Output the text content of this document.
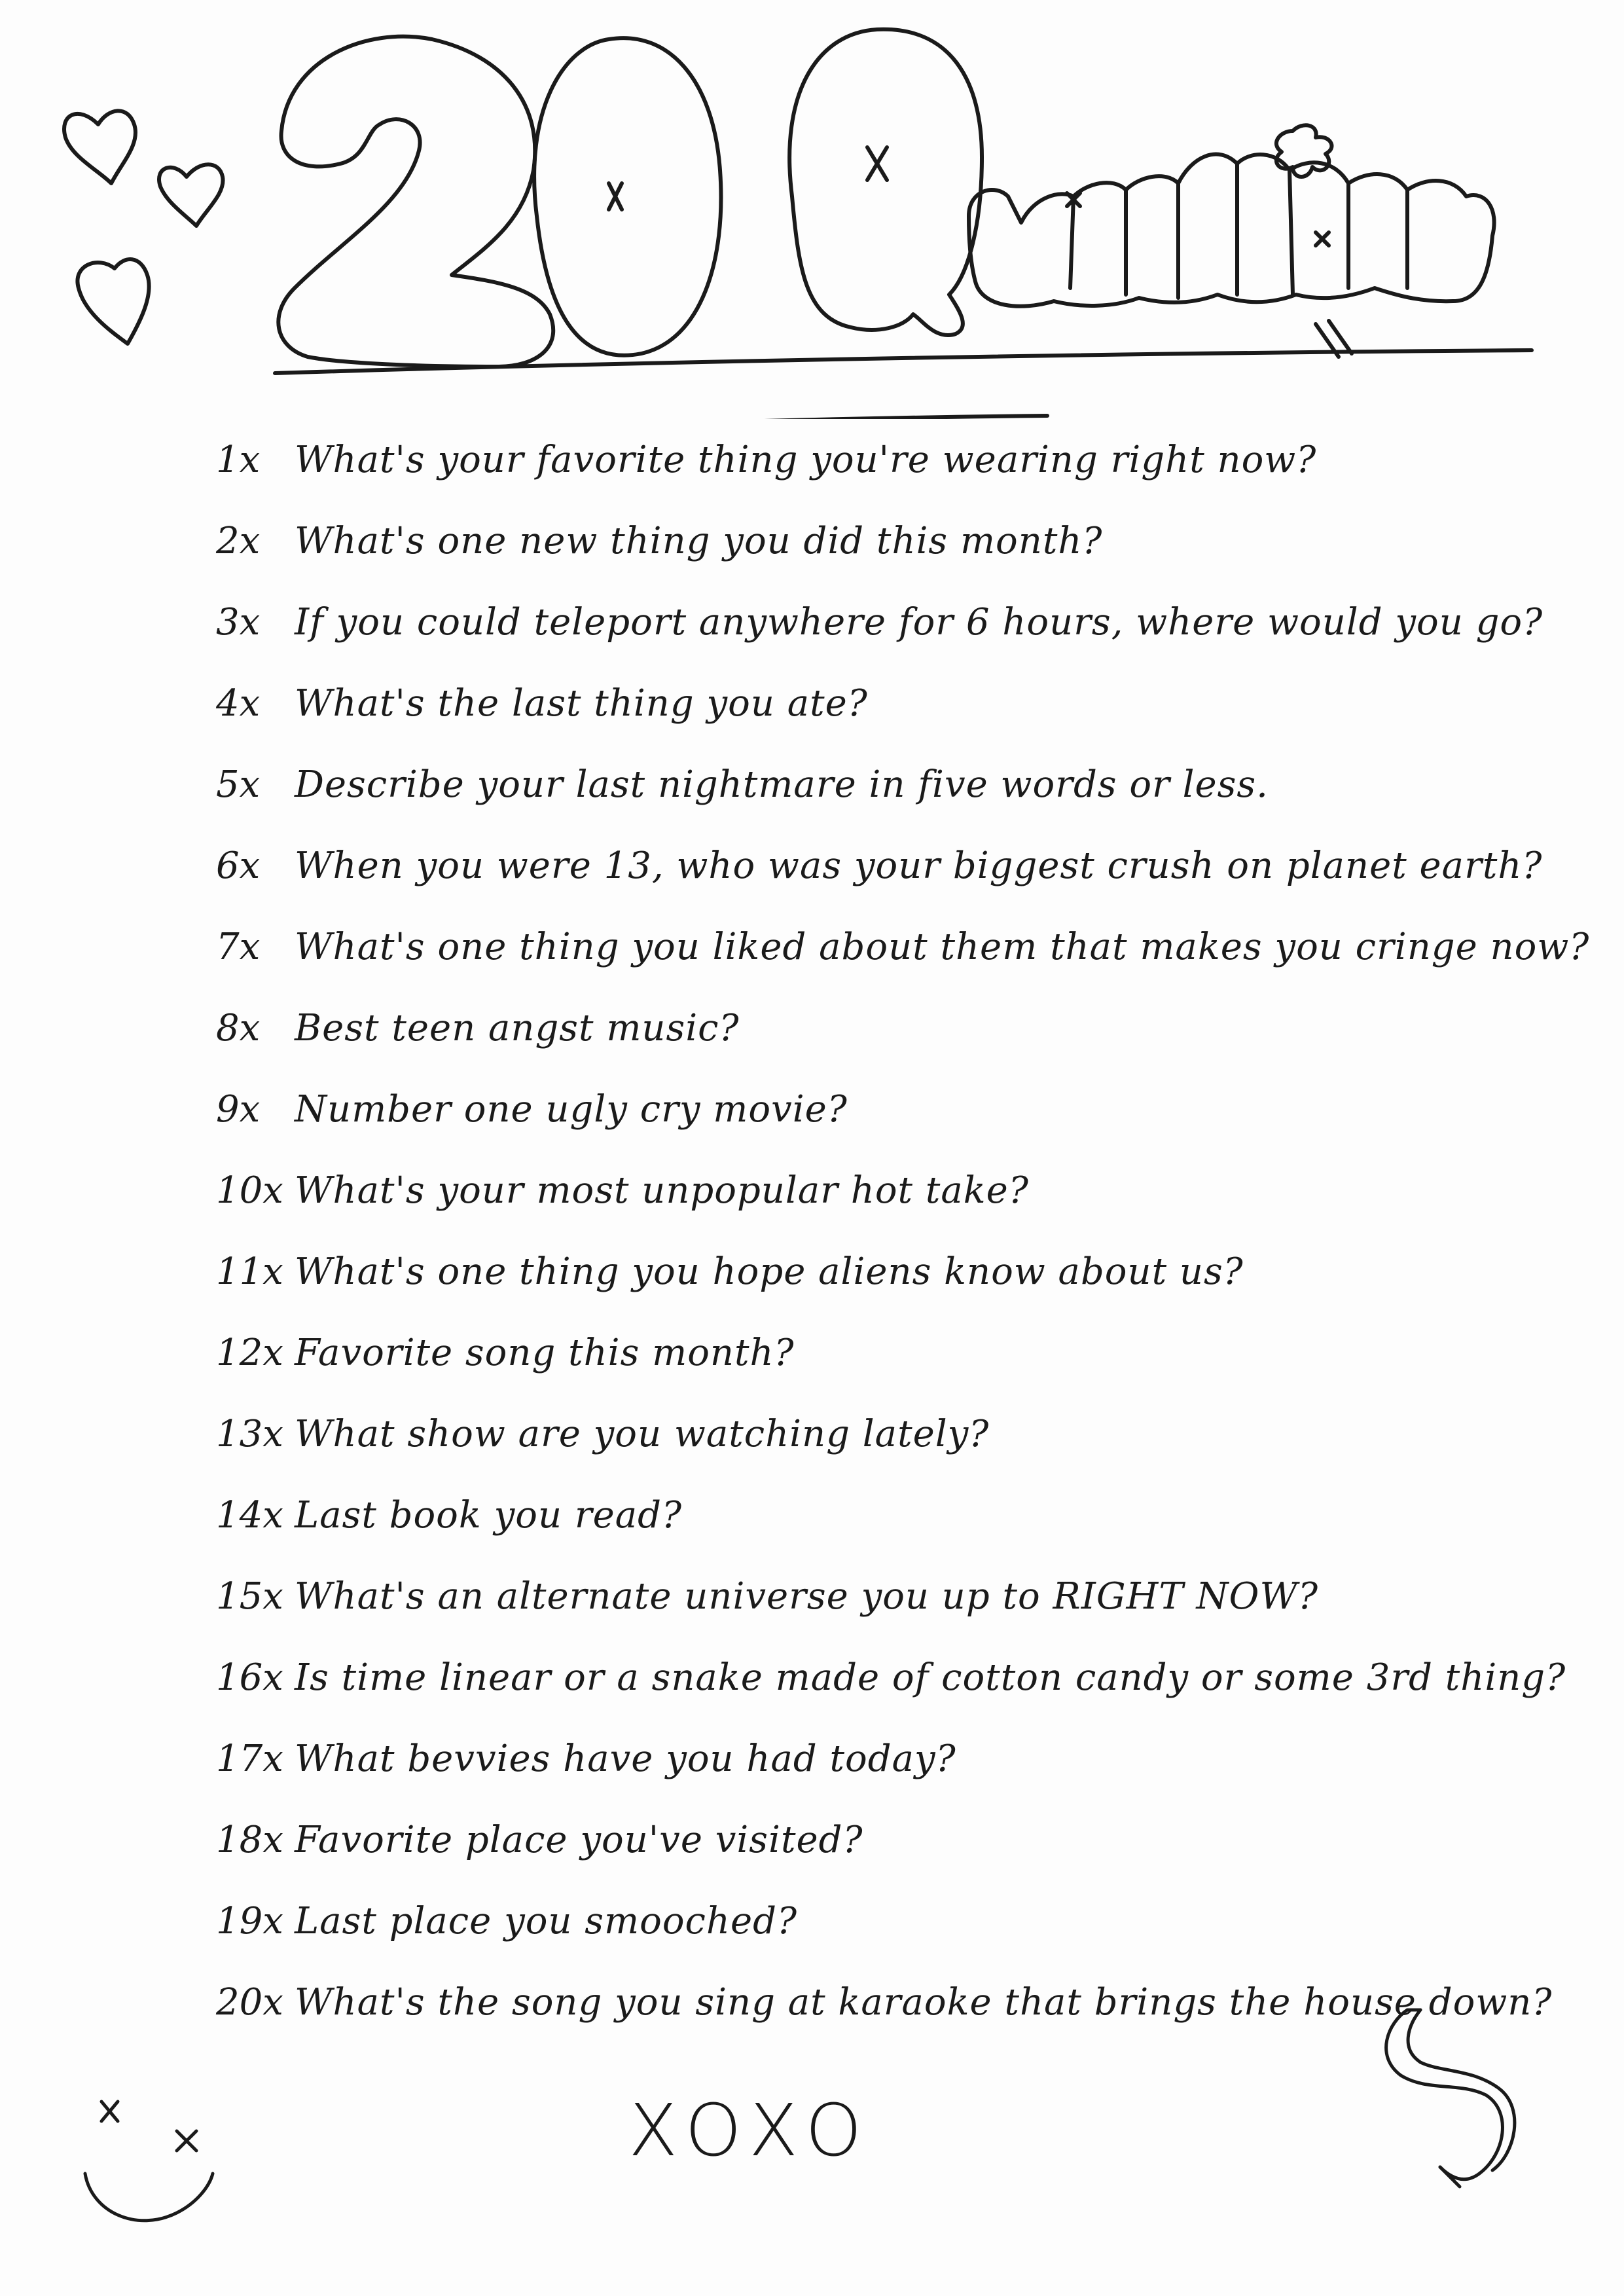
1x What's your favorite thing you're wearing right now?
2x What's one new thing you did this month?
3x If you could teleport anywhere for 6 hours, where would you go?
4x What's the last thing you ate?
5x Describe your last nightmare in five words or less.
6x When you were 13, who was your biggest crush on planet earth?
7x What's one thing you liked about them that makes you cringe now?
8x Best teen angst music?
9x Number one ugly cry movie?
10x What's your most unpopular hot take?
11x What's one thing you hope aliens know about us?
12x Favorite song this month?
13x What show are you watching lately?
14x Last book you read?
15x What's an alternate universe you up to RIGHT NOW?
16x Is time linear or a snake made of cotton candy or some 3rd thing?
17x What bevvies have you had today?
18x Favorite place you've visited?
19x Last place you smooched?
20x What's the song you sing at karaoke that brings the house down?
XOXO
